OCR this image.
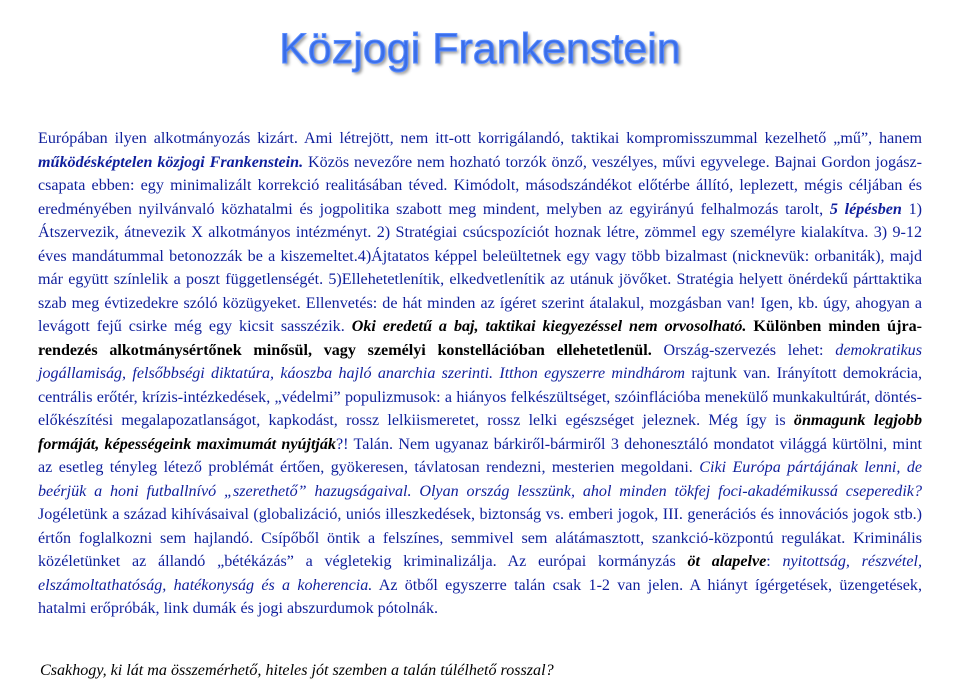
Közjogi Frankenstein

Európában ilyen alkotmányozás kizárt. Ami létrejött, nem itt-ott korrigálandó, taktikai kompromisszummal kezelhető „mű”, hanem működésképtelen közjogi Frankenstein. Közös nevezőre nem hozható torzók önző, veszélyes, művi egyvelege. Bajnai Gordon jogász-csapata ebben: egy minimalizált korrekció realitásában téved. Kimódolt, másodszándékot előtérbe állító, leplezett, mégis céljában és eredményében nyilvánvaló közhatalmi és jogpolitika szabott meg mindent, melyben az egyirányú felhalmozás tarolt, 5 lépésben 1) Átszervezik, átnevezik X alkotmányos intézményt. 2) Stratégiai csúcspozíciót hoznak létre, zömmel egy személyre kialakítva. 3) 9-12 éves mandátummal betonozzák be a kiszemeltet.4)Ájtatatos képpel beleültetnek egy vagy több bizalmast (nicknevük: orbaniták), majd már együtt színlelik a poszt függetlenségét. 5)Ellehetetlenítik, elkedvetlenítik az utánuk jövőket. Stratégia helyett önérdekű párttaktika szab meg évtizedekre szóló közügyeket. Ellenvetés: de hát minden az ígéret szerint átalakul, mozgásban van! Igen, kb. úgy, ahogyan a levágott fejű csirke még egy kicsit sasszézik. Oki eredetű a baj, taktikai kiegyezéssel nem orvosolható. Különben minden újra-rendezés alkotmánysértőnek minősül, vagy személyi konstellációban ellehetetlenül. Ország-szervezés lehet: demokratikus jogállamiság, felsőbbségi diktatúra, káoszba hajló anarchia szerinti. Itthon egyszerre mindhárom rajtunk van. Irányított demokrácia, centrális erőtér, krízis-intézkedések, „védelmi” populizmusok: a hiányos felkészültséget, szóinflációba menekülő munkakultúrát, döntés-előkészítési megalapozatlanságot, kapkodást, rossz lelkiismeretet, rossz lelki egészséget jeleznek. Még így is önmagunk legjobb formáját, képességeink maximumát nyújtják?! Talán. Nem ugyanaz bárkiről-bármiről 3 dehonesztáló mondatot világgá kürtölni, mint az esetleg tényleg létező problémát értően, gyökeresen, távlatosan rendezni, mesterien megoldani. Ciki Európa pártájának lenni, de beérjük a honi futballnívó „szerethető” hazugságaival. Olyan ország lesszünk, ahol minden tökfej foci-akadémikussá cseperedik? Jogéletünk a század kihívásaival (globalizáció, uniós illeszkedések, biztonság vs. emberi jogok, III. generációs és innovációs jogok stb.) értőn foglalkozni sem hajlandó. Csípőből öntik a felszínes, semmivel sem alátámasztott, szankció-központú regulákat. Kriminális közéletünket az állandó „bétékázás” a végletekig kriminalizálja. Az európai kormányzás öt alapelve: nyitottság, részvétel, elszámoltathatóság, hatékonyság és a koherencia. Az ötből egyszerre talán csak 1-2 van jelen. A hiányt ígérgetések, üzengetések, hatalmi erőpróbák, link dumák és jogi abszurdumok pótolnák.

Csakhogy, ki lát ma összemérhető, hiteles jót szemben a talán túlélhető rosszal?
